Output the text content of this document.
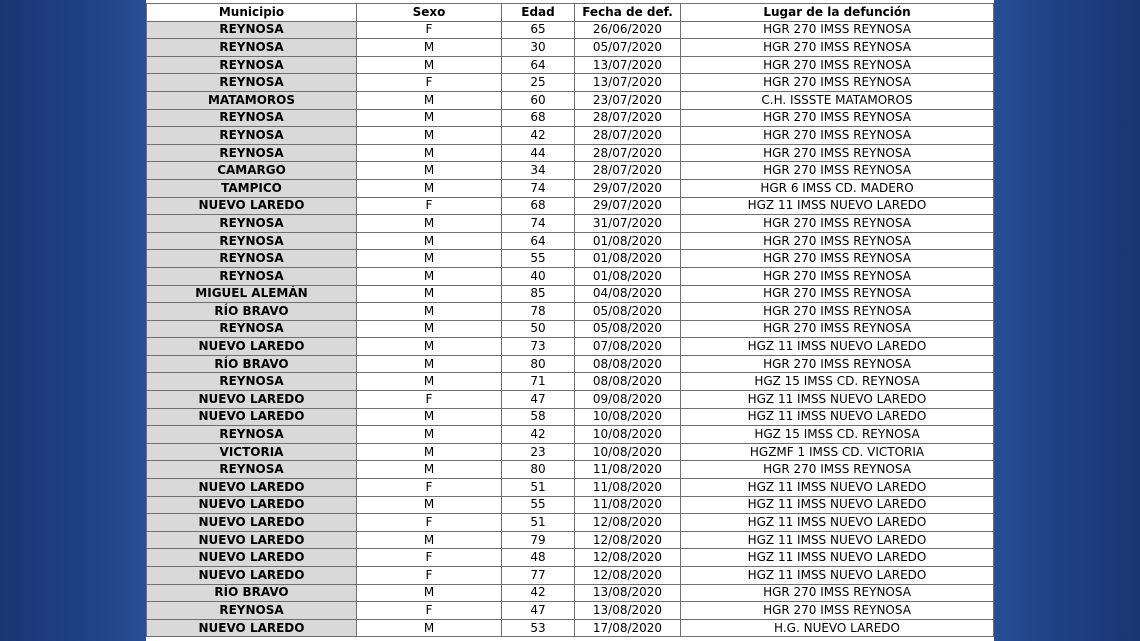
Municipio	Sexo	Edad	Fecha de def.	Lugar de la defunción
REYNOSA	F	65	26/06/2020	HGR 270 IMSS REYNOSA
REYNOSA	M	30	05/07/2020	HGR 270 IMSS REYNOSA
REYNOSA	M	64	13/07/2020	HGR 270 IMSS REYNOSA
REYNOSA	F	25	13/07/2020	HGR 270 IMSS REYNOSA
MATAMOROS	M	60	23/07/2020	C.H. ISSSTE MATAMOROS
REYNOSA	M	68	28/07/2020	HGR 270 IMSS REYNOSA
REYNOSA	M	42	28/07/2020	HGR 270 IMSS REYNOSA
REYNOSA	M	44	28/07/2020	HGR 270 IMSS REYNOSA
CAMARGO	M	34	28/07/2020	HGR 270 IMSS REYNOSA
TAMPICO	M	74	29/07/2020	HGR 6 IMSS CD. MADERO
NUEVO LAREDO	F	68	29/07/2020	HGZ 11 IMSS NUEVO LAREDO
REYNOSA	M	74	31/07/2020	HGR 270 IMSS REYNOSA
REYNOSA	M	64	01/08/2020	HGR 270 IMSS REYNOSA
REYNOSA	M	55	01/08/2020	HGR 270 IMSS REYNOSA
REYNOSA	M	40	01/08/2020	HGR 270 IMSS REYNOSA
MIGUEL ALEMÁN	M	85	04/08/2020	HGR 270 IMSS REYNOSA
RÍO BRAVO	M	78	05/08/2020	HGR 270 IMSS REYNOSA
REYNOSA	M	50	05/08/2020	HGR 270 IMSS REYNOSA
NUEVO LAREDO	M	73	07/08/2020	HGZ 11 IMSS NUEVO LAREDO
RÍO BRAVO	M	80	08/08/2020	HGR 270 IMSS REYNOSA
REYNOSA	M	71	08/08/2020	HGZ 15 IMSS CD. REYNOSA
NUEVO LAREDO	F	47	09/08/2020	HGZ 11 IMSS NUEVO LAREDO
NUEVO LAREDO	M	58	10/08/2020	HGZ 11 IMSS NUEVO LAREDO
REYNOSA	M	42	10/08/2020	HGZ 15 IMSS CD. REYNOSA
VICTORIA	M	23	10/08/2020	HGZMF 1 IMSS CD. VICTORIA
REYNOSA	M	80	11/08/2020	HGR 270 IMSS REYNOSA
NUEVO LAREDO	F	51	11/08/2020	HGZ 11 IMSS NUEVO LAREDO
NUEVO LAREDO	M	55	11/08/2020	HGZ 11 IMSS NUEVO LAREDO
NUEVO LAREDO	F	51	12/08/2020	HGZ 11 IMSS NUEVO LAREDO
NUEVO LAREDO	M	79	12/08/2020	HGZ 11 IMSS NUEVO LAREDO
NUEVO LAREDO	F	48	12/08/2020	HGZ 11 IMSS NUEVO LAREDO
NUEVO LAREDO	F	77	12/08/2020	HGZ 11 IMSS NUEVO LAREDO
RÍO BRAVO	M	42	13/08/2020	HGR 270 IMSS REYNOSA
REYNOSA	F	47	13/08/2020	HGR 270 IMSS REYNOSA
NUEVO LAREDO	M	53	17/08/2020	H.G. NUEVO LAREDO
